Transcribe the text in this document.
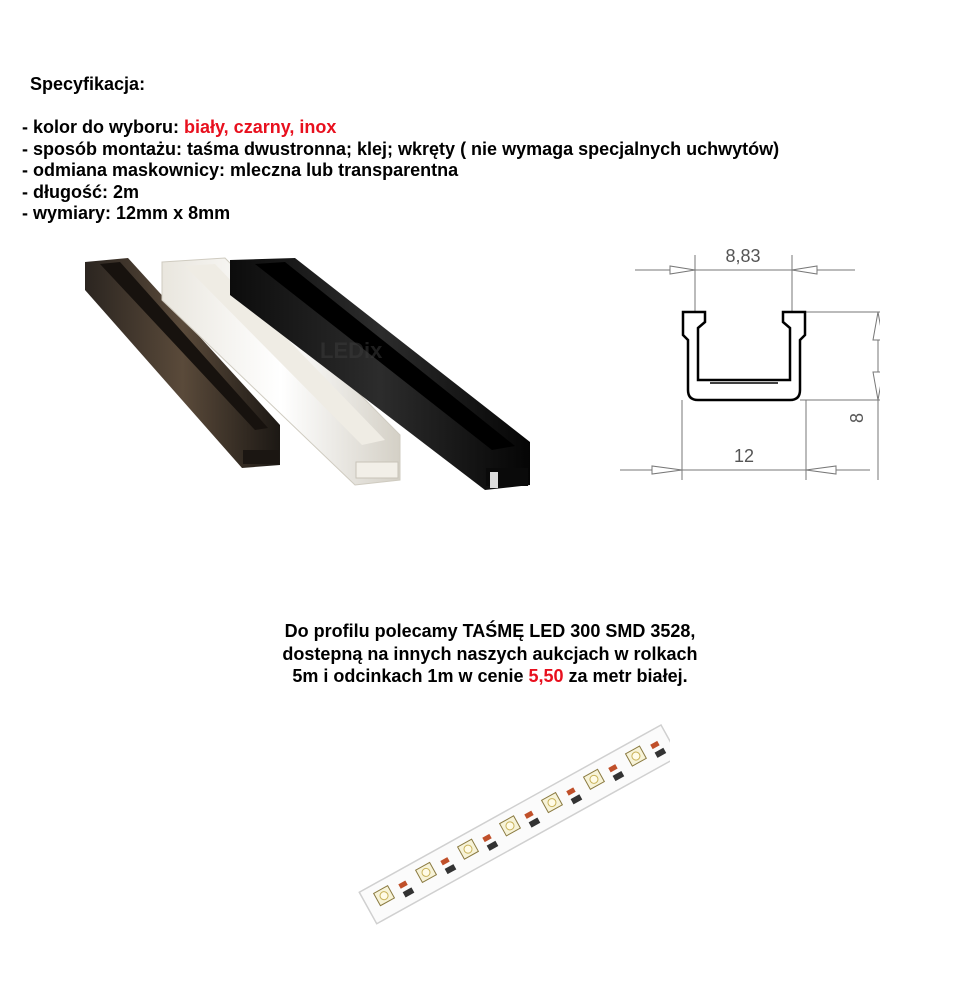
Specyfikacja:
- kolor do wyboru: biały, czarny, inox
- sposób montażu: taśma dwustronna; klej; wkręty ( nie wymaga specjalnych uchwytów)
- odmiana maskownicy: mleczna lub transparentna
- długość: 2m
- wymiary: 12mm x 8mm
LEDix
8,83
12
8
Do profilu polecamy TAŚMĘ LED 300 SMD 3528,
dostepną na innych naszych aukcjach w rolkach
5m i odcinkach 1m w cenie 5,50 za metr białej.
